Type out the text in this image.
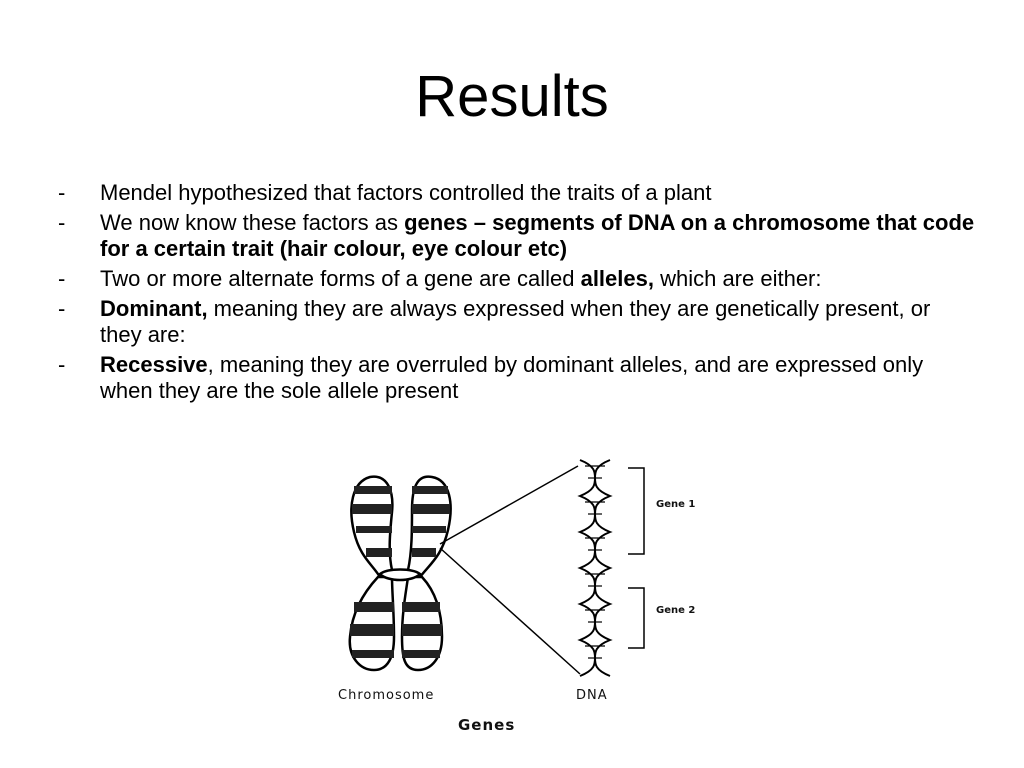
Results
- Mendel hypothesized that factors controlled the traits of a plant
- We now know these factors as genes – segments of DNA on a chromosome that code for a certain trait (hair colour, eye colour etc)
- Two or more alternate forms of a gene are called alleles, which are either:
- Dominant, meaning they are always expressed when they are genetically present, or they are:
- Recessive, meaning they are overruled by dominant alleles, and are expressed only when they are the sole allele present
Gene 1
Gene 2
Chromosome	DNA
Genes
